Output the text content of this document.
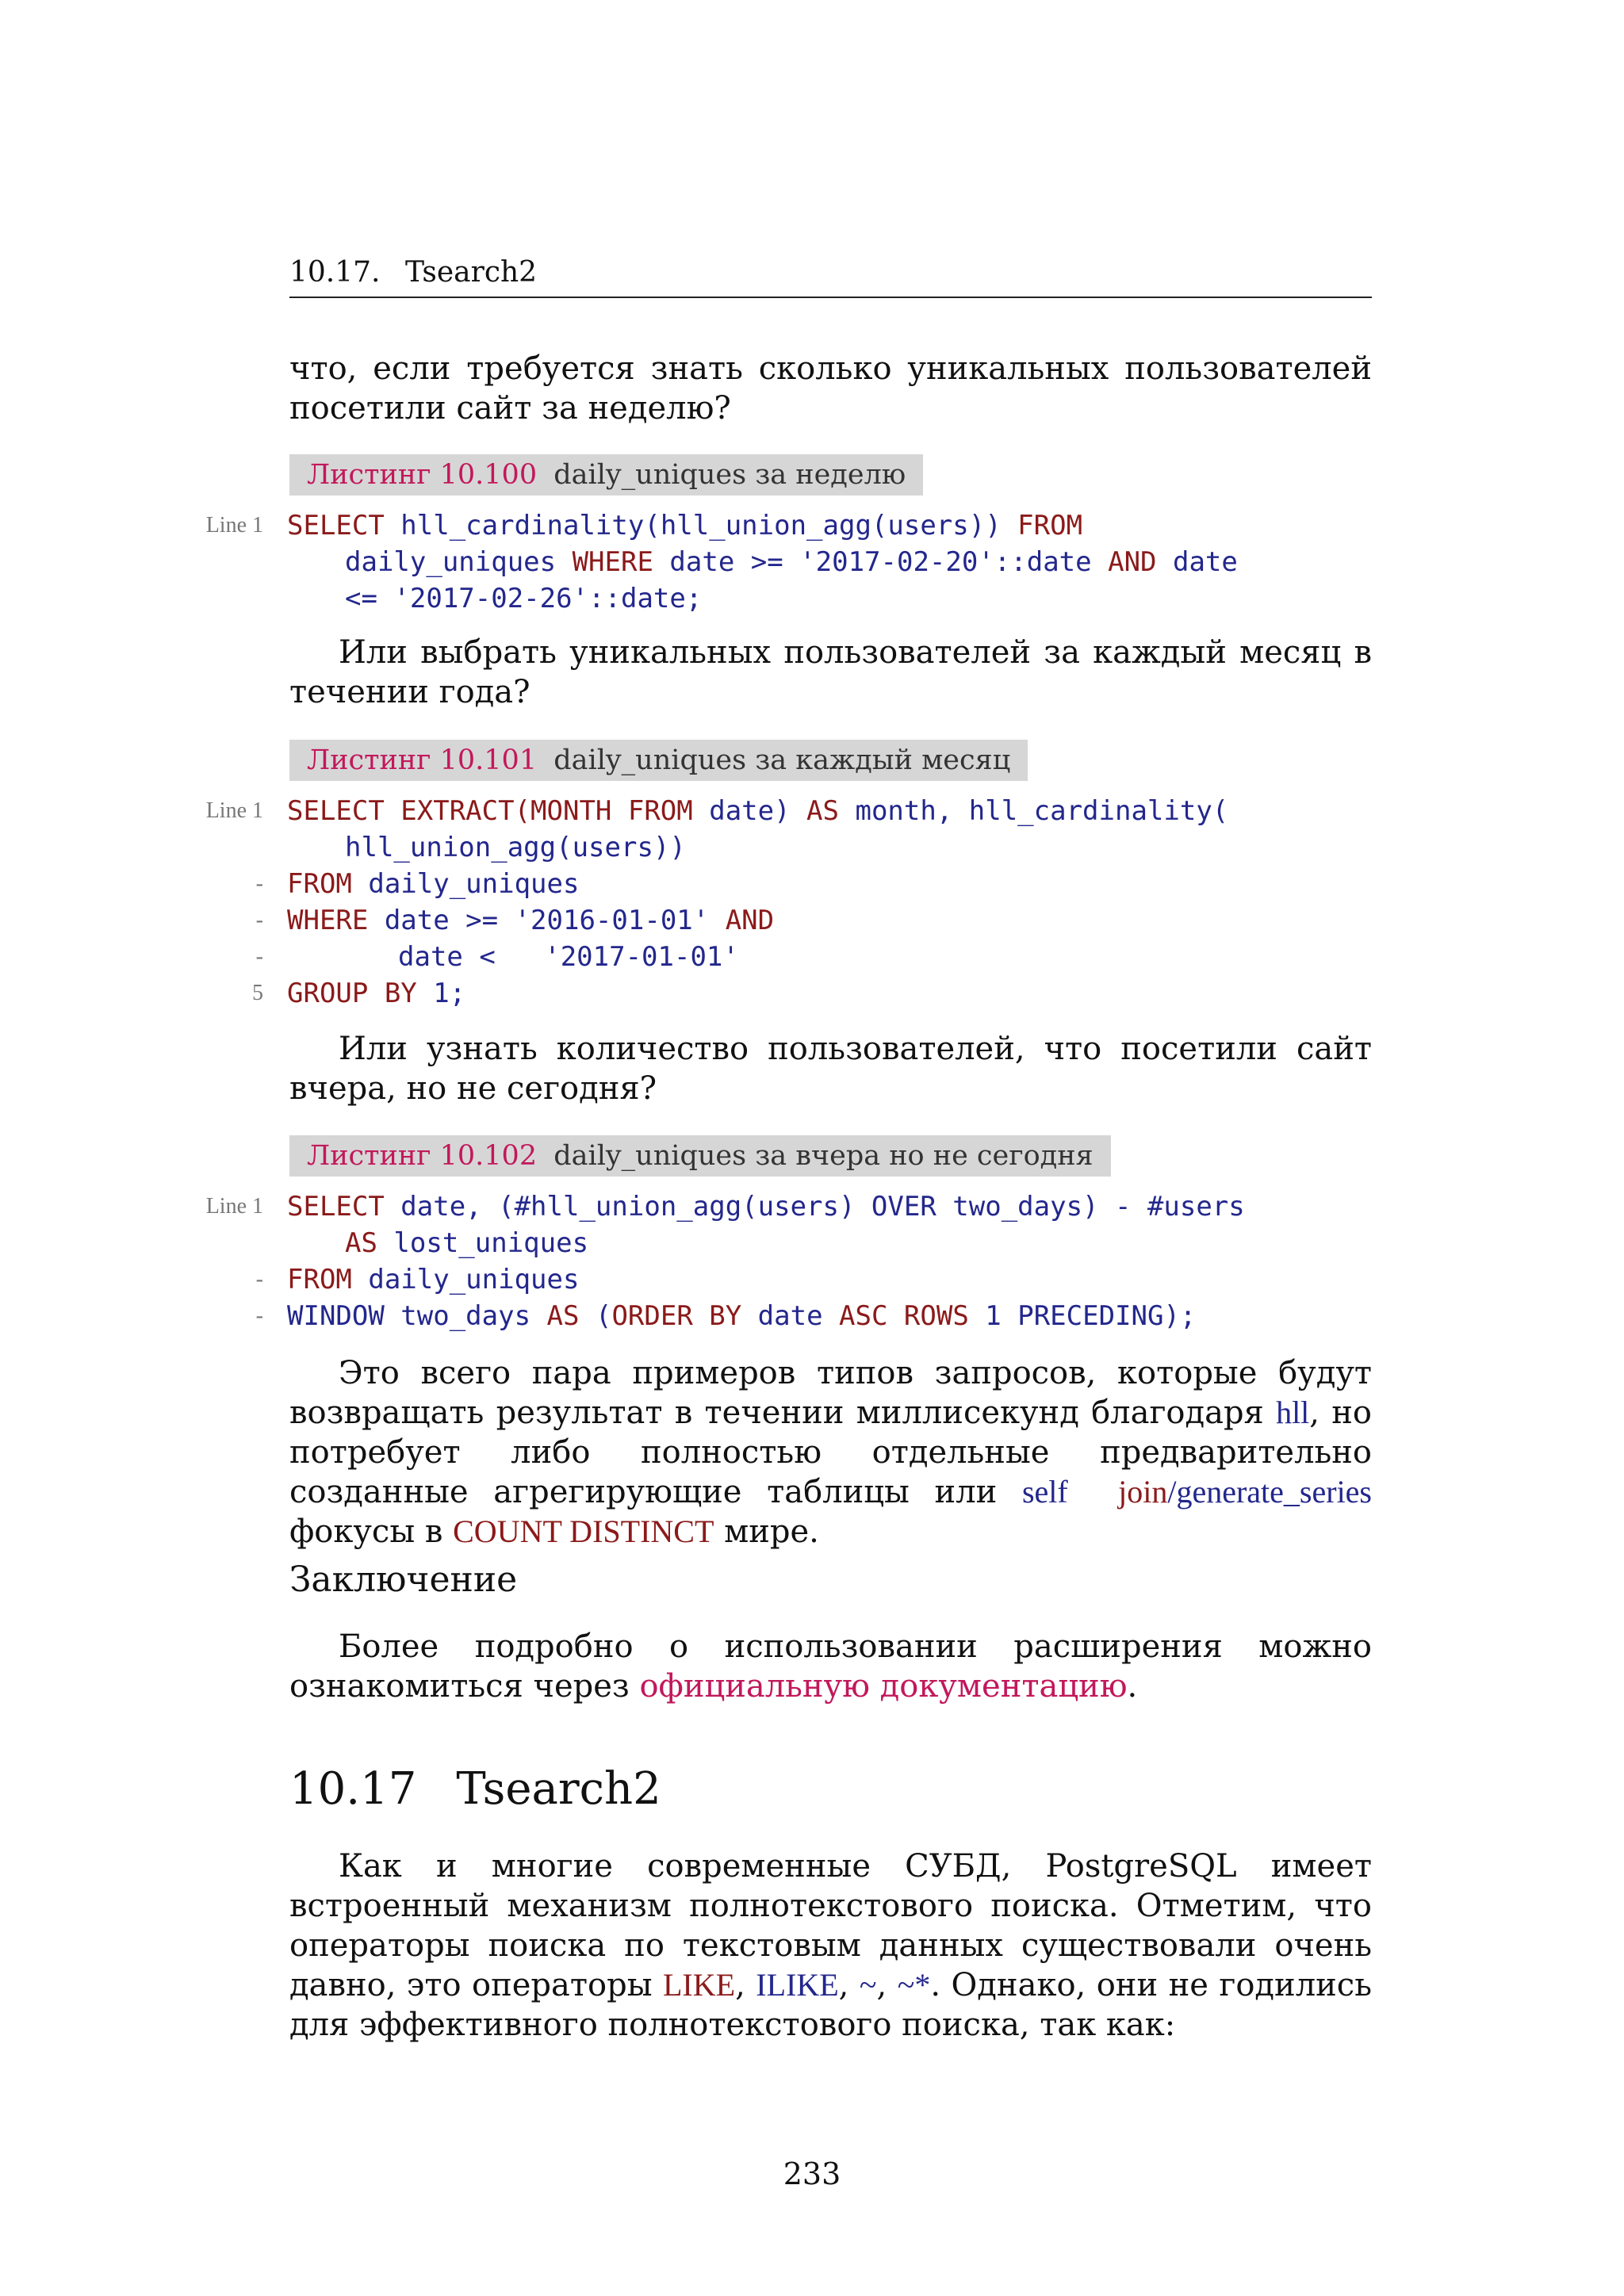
10.17. Tsearch2
что, если требуется знать сколько уникальных пользователей посетили сайт за неделю?
Листинг 10.100 daily_uniques за неделю
Line 1 SELECT hll_cardinality(hll_union_agg(users)) FROM
daily_uniques WHERE date >= '2017-02-20'::date AND date
<= '2017-02-26'::date;
Или выбрать уникальных пользователей за каждый месяц в течении года?
Листинг 10.101 daily_uniques за каждый месяц
Line 1 SELECT EXTRACT(MONTH FROM date) AS month, hll_cardinality(
hll_union_agg(users))
- FROM daily_uniques
- WHERE date >= '2016-01-01' AND
-	date <   '2017-01-01'
5 GROUP BY 1;
Или узнать количество пользователей, что посетили сайт вчера, но не сегодня?
Листинг 10.102 daily_uniques за вчера но не сегодня
Line 1 SELECT date, (#hll_union_agg(users) OVER two_days) - #users
AS lost_uniques
- FROM daily_uniques
- WINDOW two_days AS (ORDER BY date ASC ROWS 1 PRECEDING);
Это всего пара примеров типов запросов, которые будут возвращать результат в течении миллисекунд благодаря hll, но потребует либо полностью отдельные предварительно созданные агрегирующие таблицы или self join/generate_series фокусы в COUNT DISTINCT мире.
Заключение
Более подробно о использовании расширения можно ознакомиться через официальную документацию.
10.17 Tsearch2
Как и многие современные СУБД, PostgreSQL имеет встроенный механизм полнотекстового поиска. Отметим, что операторы поиска по текстовым данных существовали очень давно, это операторы LIKE, ILIKE, ~, ~*. Однако, они не годились для эффективного полнотекстового поиска, так как:
233
